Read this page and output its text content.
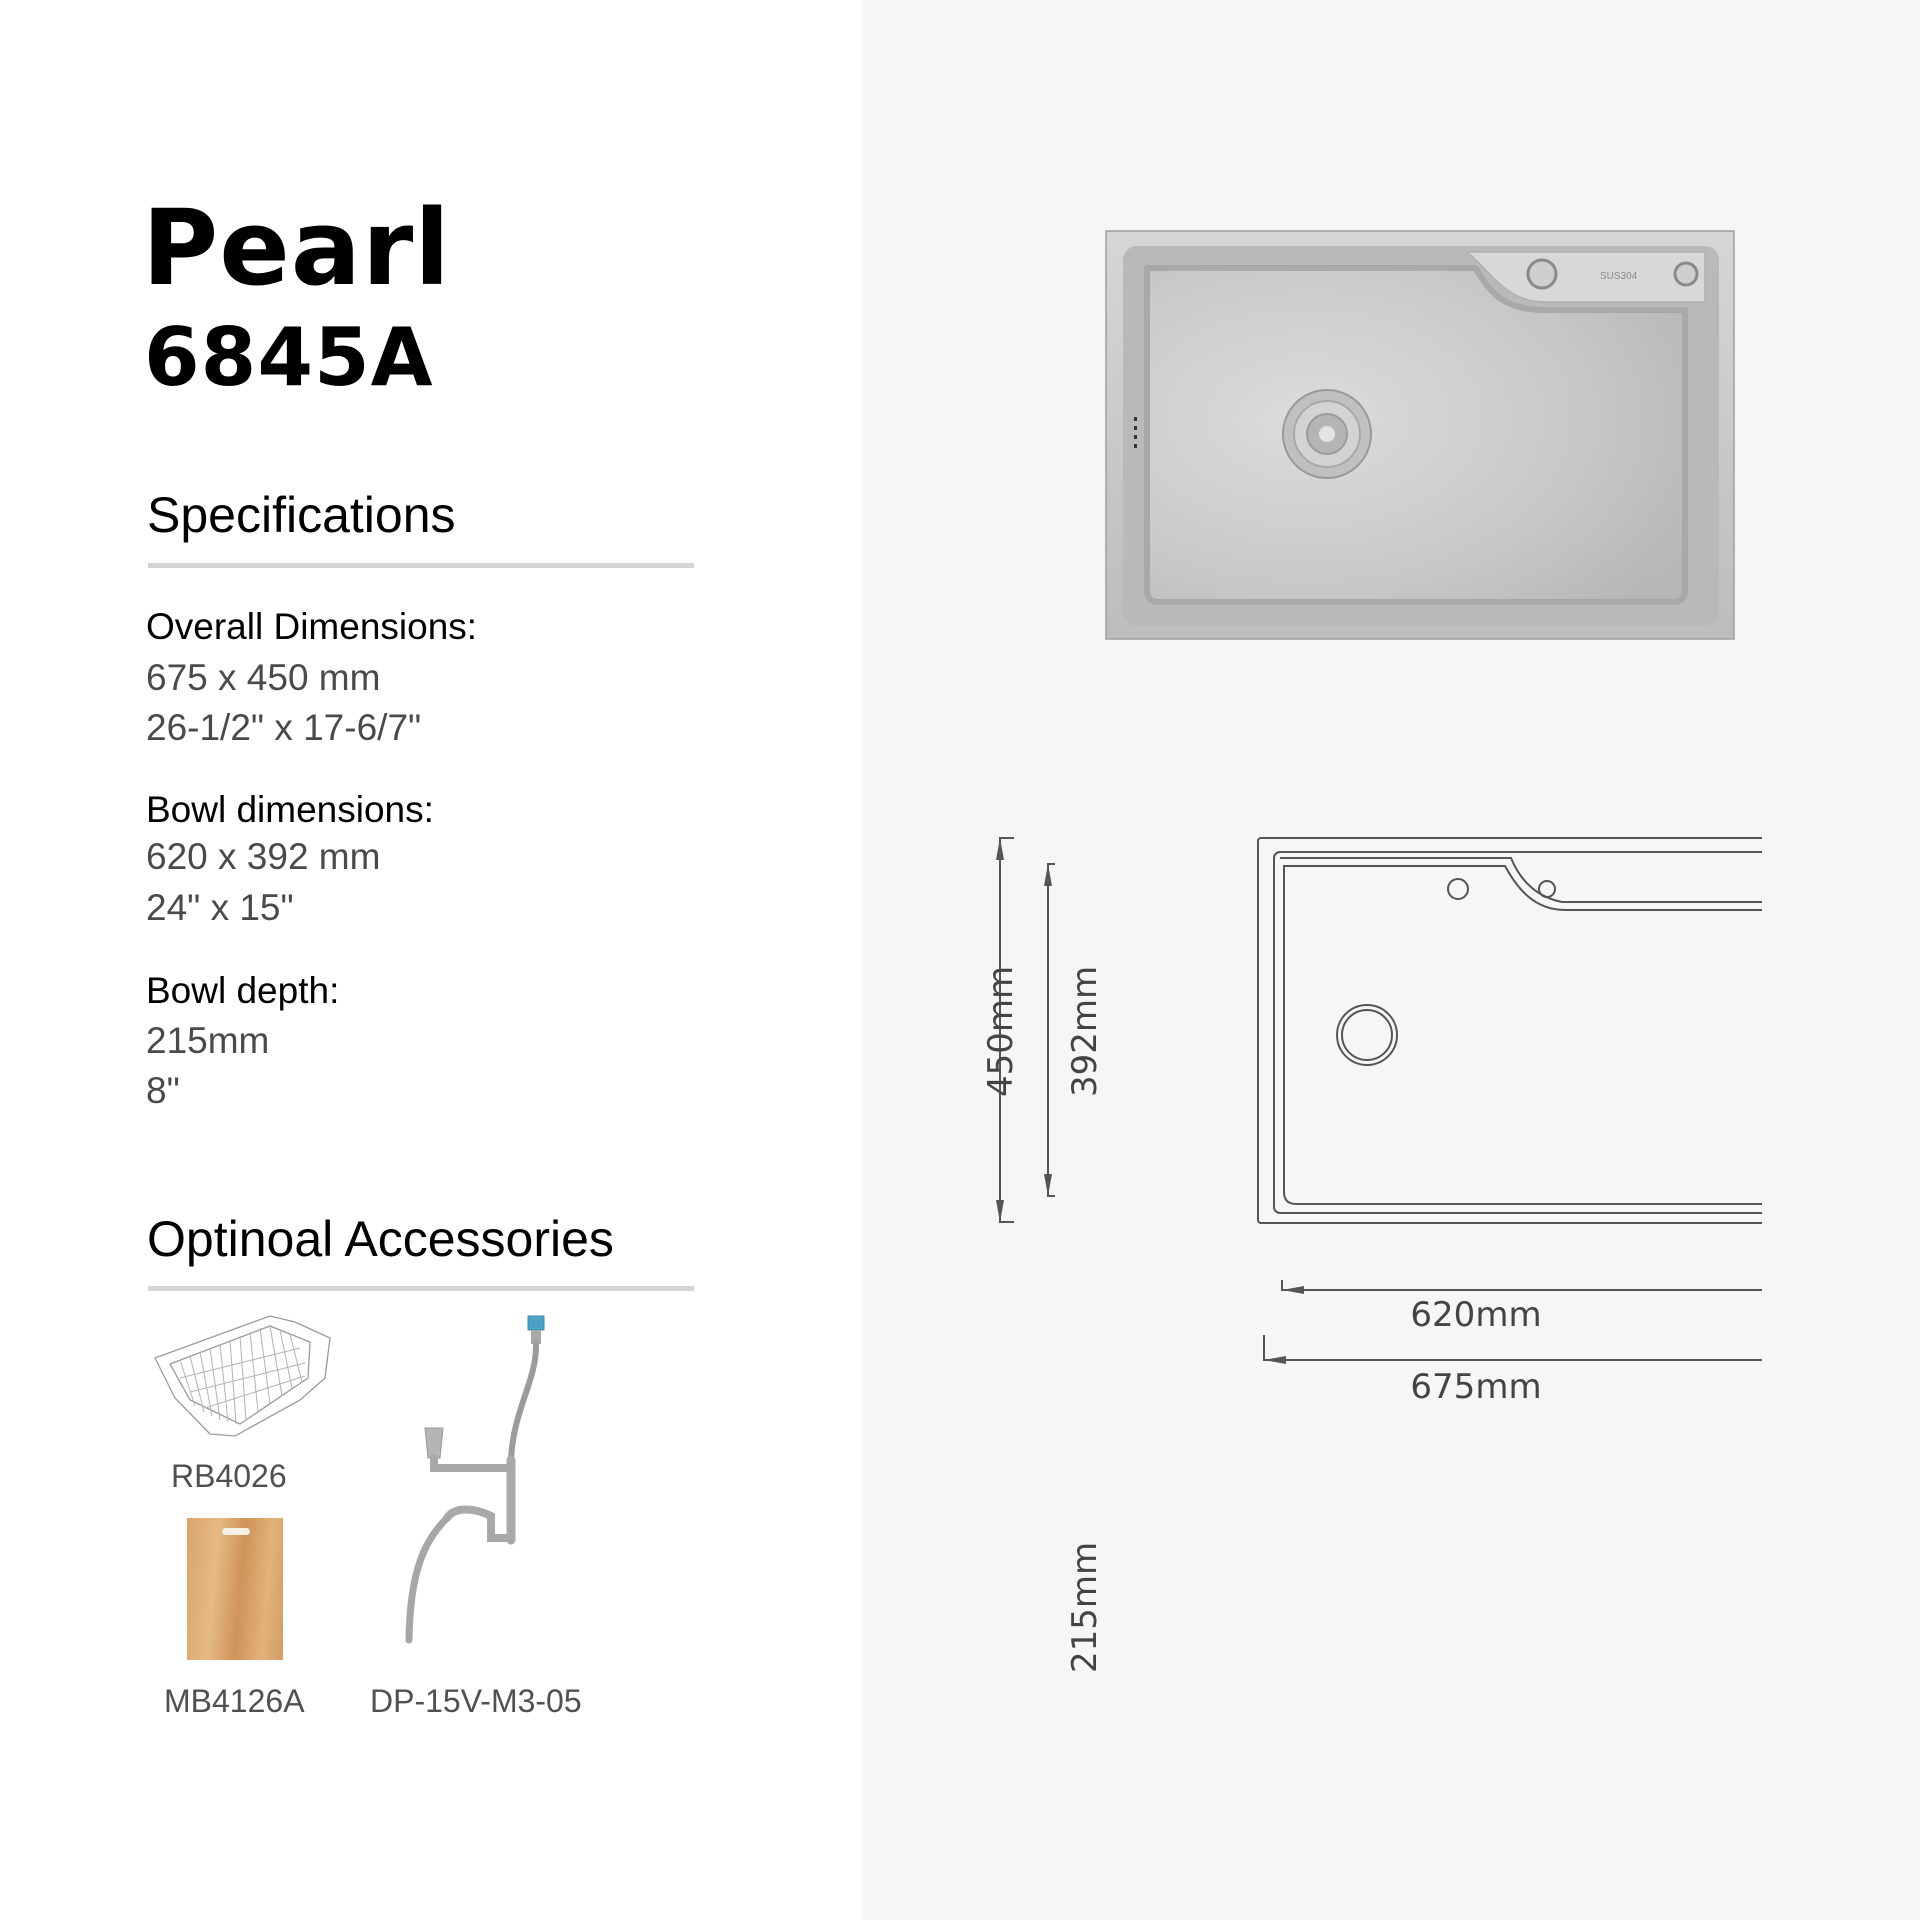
Pearl
6845A
Specifications
Overall Dimensions:
675 x 450 mm
26-1/2" x 17-6/7"
Bowl dimensions:
620 x 392 mm
24" x 15"
Bowl depth:
215mm
8"
Optinoal Accessories
RB4026
MB4126A DP-15V-M3-05
SUS304
450mm 392mm
620mm
675mm
215mm
